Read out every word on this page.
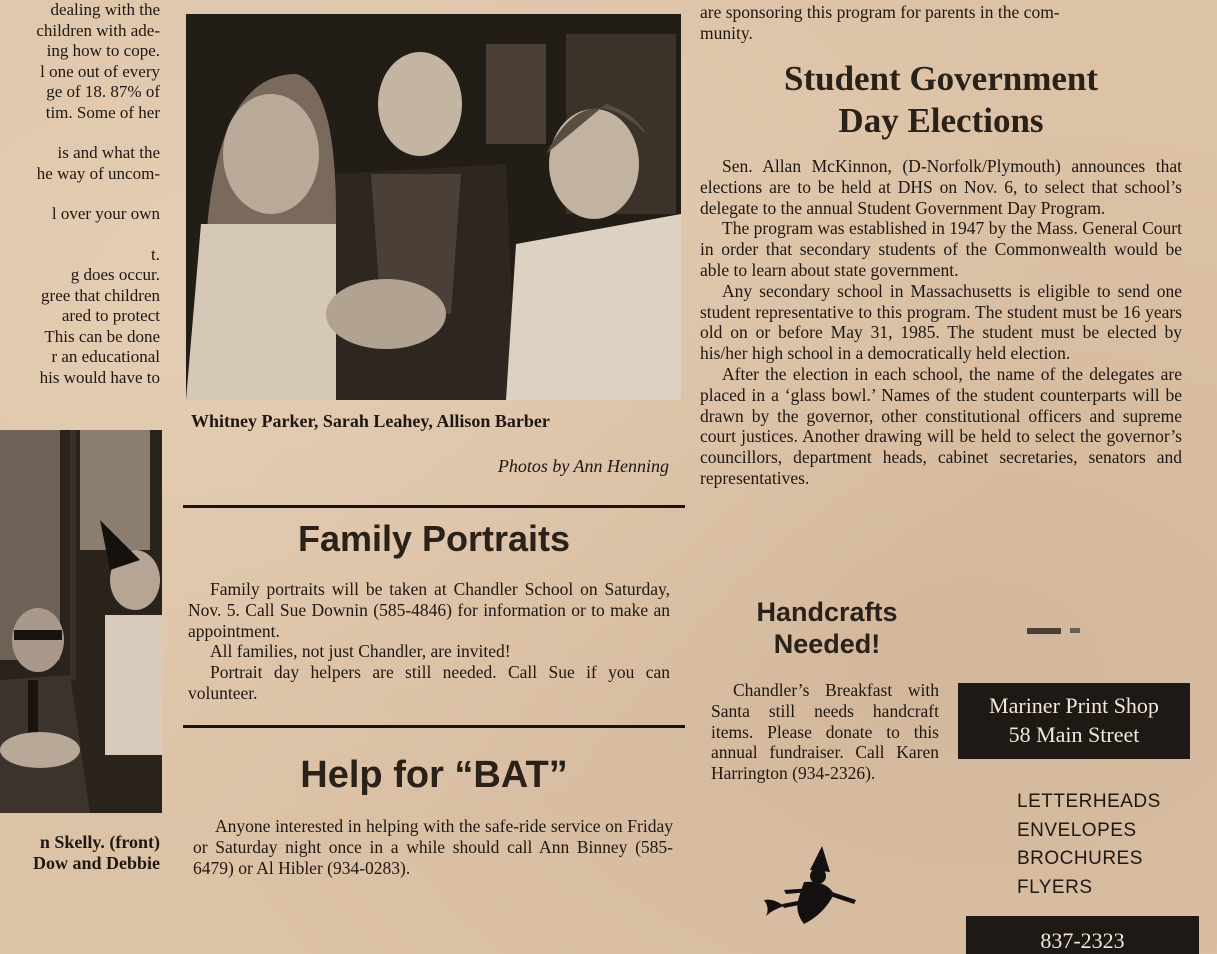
dealing with the
children with ade-
ing how to cope.
l one out of every
ge of 18. 87% of
tim. Some of her
is and what the
he way of uncom-
l over your own
t.
g does occur.
gree that children
ared to protect
This can be done
r an educational
his would have to
n Skelly. (front)
Dow and Debbie
Whitney Parker, Sarah Leahey, Allison Barber
Photos by Ann Henning
Family Portraits

Family portraits will be taken at Chandler School on Saturday, Nov. 5. Call Sue Downin (585-4846) for information or to make an appointment.

All families, not just Chandler, are invited!

Portrait day helpers are still needed. Call Sue if you can volunteer.

Help for “BAT”

Anyone interested in helping with the safe-ride service on Friday or Saturday night once in a while should call Ann Binney (585-6479) or Al Hibler (934-0283).

are sponsoring this program for parents in the com-
munity.
Student Government
Day Elections

Sen. Allan McKinnon, (D-Norfolk/Plymouth) announces that elections are to be held at DHS on Nov. 6, to select that school’s delegate to the annual Student Government Day Program.

The program was established in 1947 by the Mass. General Court in order that secondary students of the Commonwealth would be able to learn about state government.

Any secondary school in Massachusetts is eligible to send one student representative to this program. The student must be 16 years old on or before May 31, 1985. The student must be elected by his/her high school in a democratically held election.

After the election in each school, the name of the delegates are placed in a ‘glass bowl.’ Names of the student counterparts will be drawn by the governor, other constitutional officers and supreme court justices. Another drawing will be held to select the governor’s councillors, department heads, cabinet secretaries, senators and representatives.

Handcrafts
Needed!

Chandler’s Breakfast with Santa still needs handcraft items. Please donate to this annual fundraiser. Call Karen Harrington (934-2326).

Mariner Print Shop
58 Main Street
LETTERHEADS
ENVELOPES
BROCHURES
FLYERS
837-2323
